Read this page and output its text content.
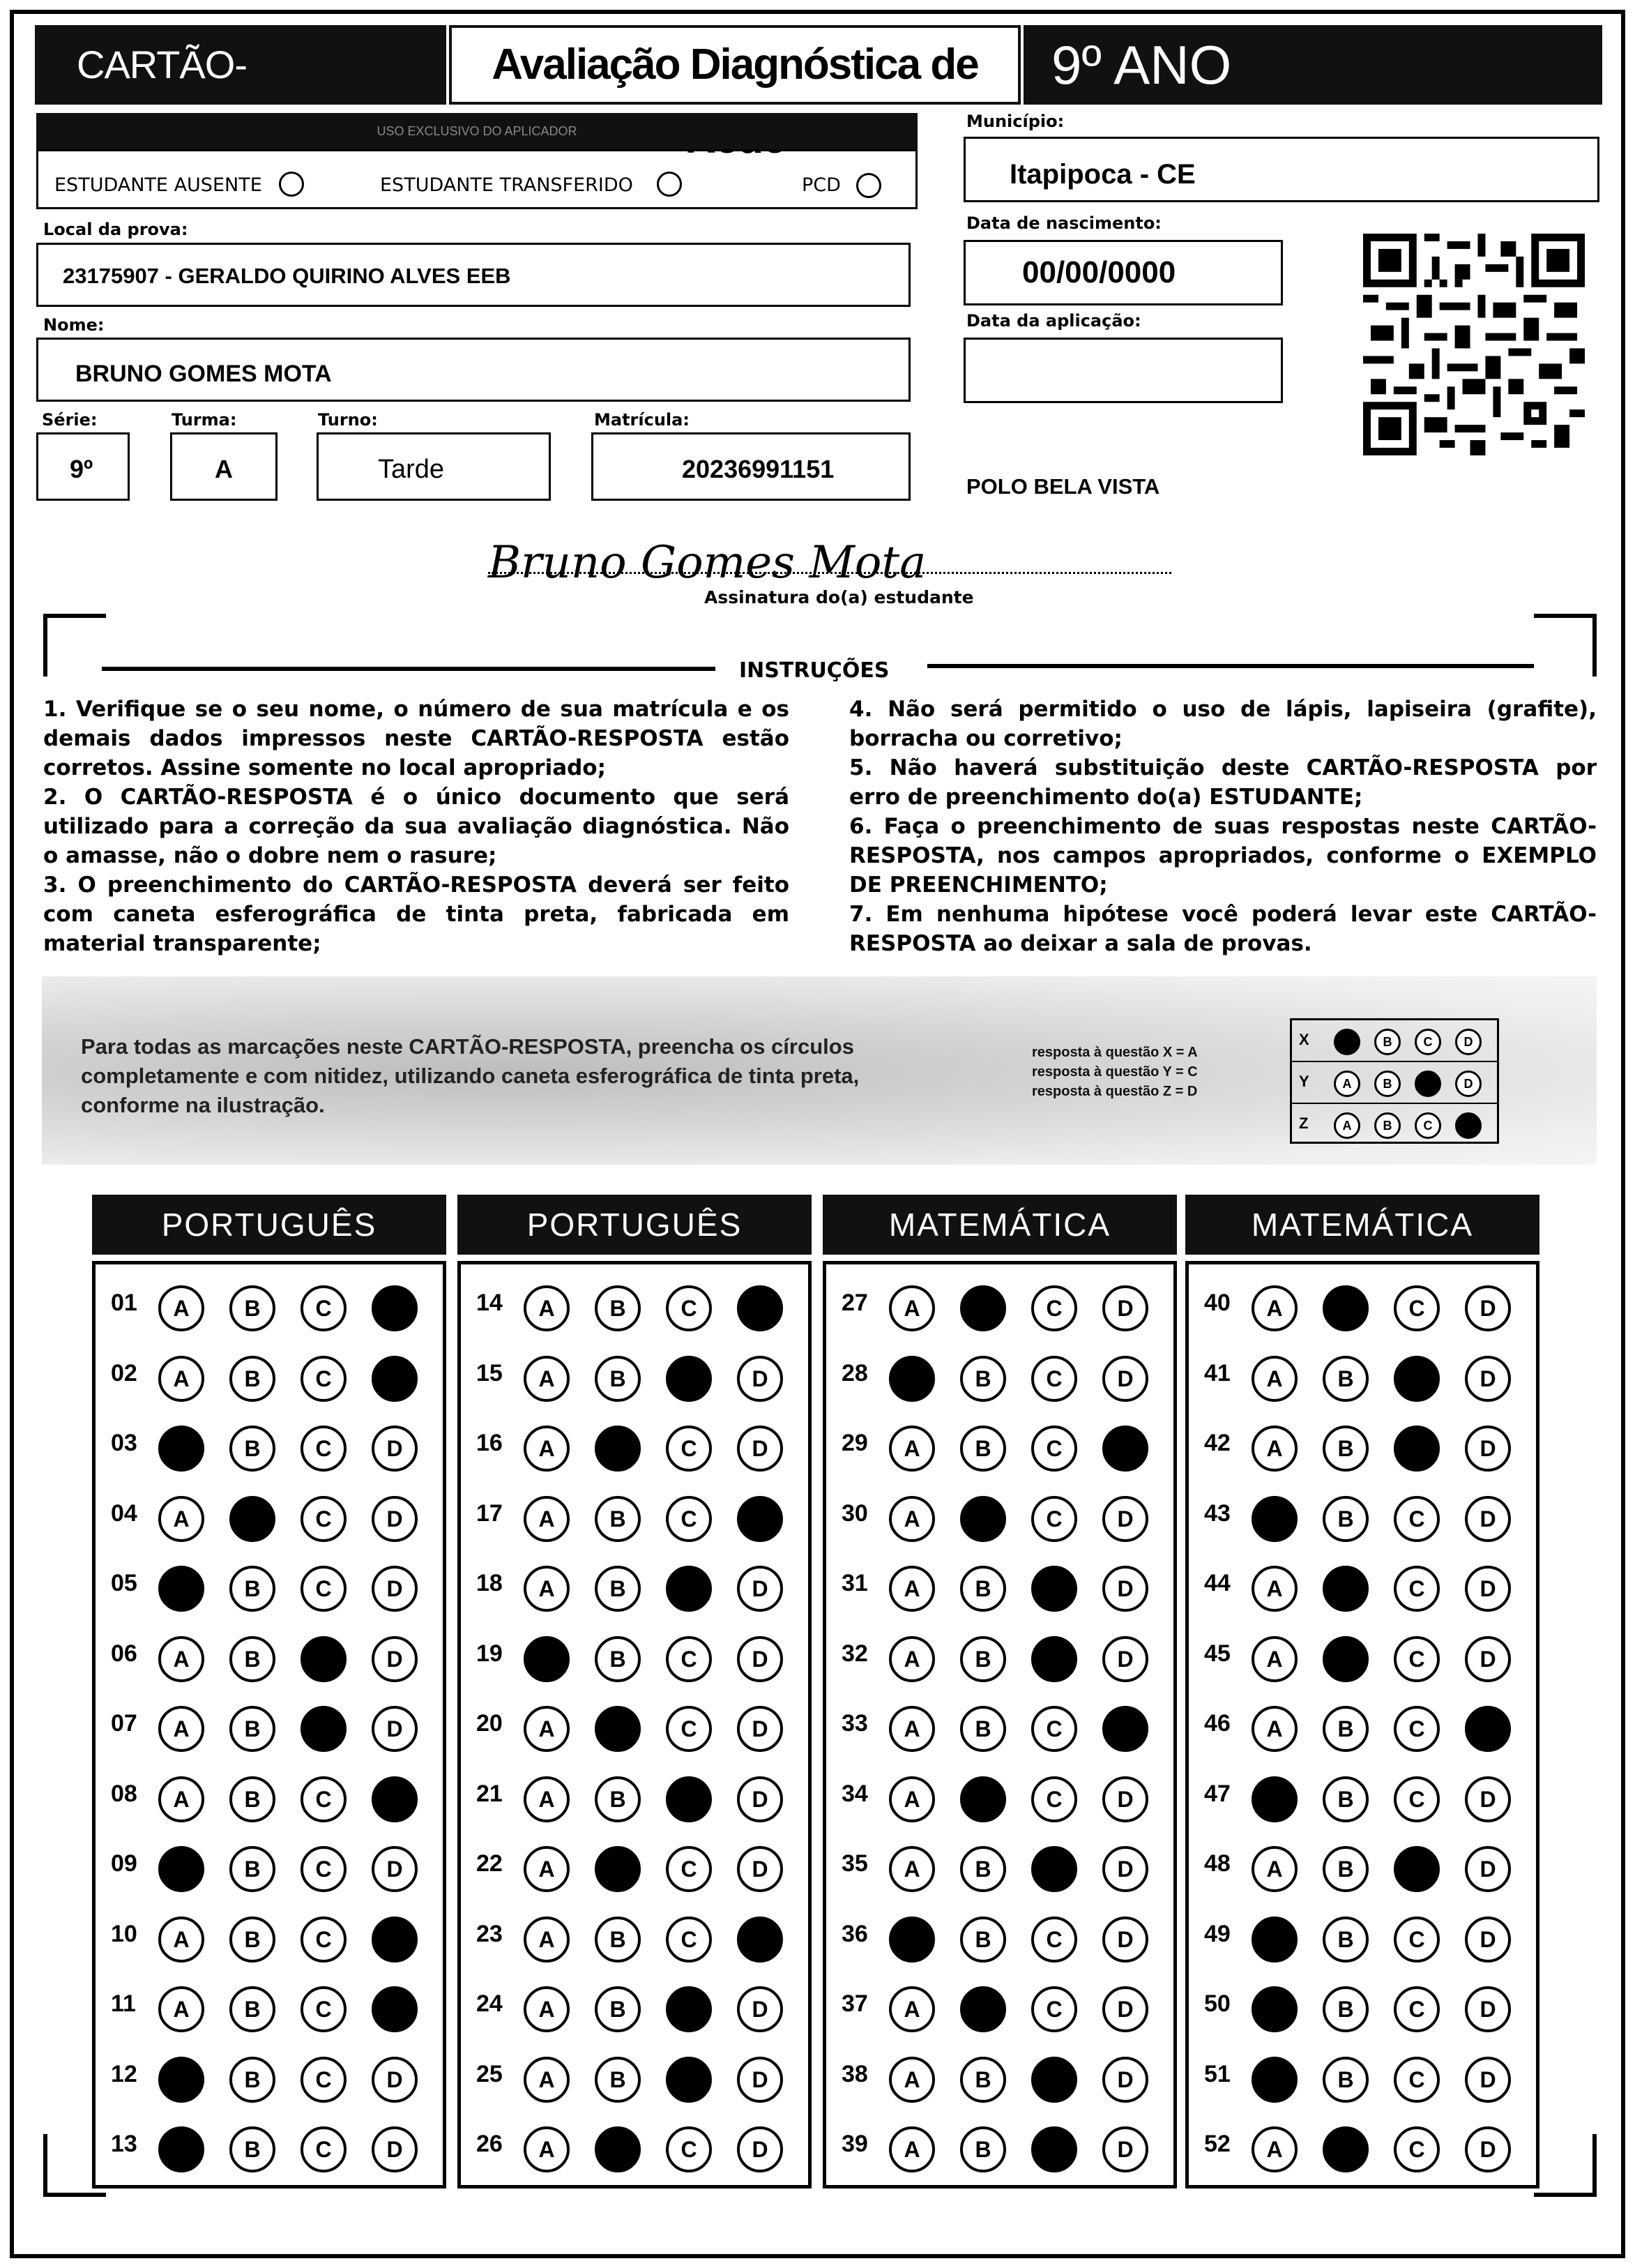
CARTÃO-	Avaliação Diagnóstica de	9º ANO
USO EXCLUSIVO DO APLICADOR
ESTUDANTE AUSENTE	ESTUDANTE TRANSFERIDO	PCD
Local da prova:
23175907 - GERALDO QUIRINO ALVES EEB
Nome:
BRUNO GOMES MOTA
Série:
9º
Turma:
A
Turno:
Tarde
Matrícula:
20236991151
Município:
Itapipoca - CE
Data de nascimento:
00/00/0000
Data da aplicação:
POLO BELA VISTA
Bruno Gomes Mota
Assinatura do(a) estudante
INSTRUÇÕES
1. Verifique se o seu nome, o número de sua matrícula e os demais dados impressos neste CARTÃO-RESPOSTA estão corretos. Assine somente no local apropriado;
2. O CARTÃO-RESPOSTA é o único documento que será utilizado para a correção da sua avaliação diagnóstica. Não o amasse, não o dobre nem o rasure;
3. O preenchimento do CARTÃO-RESPOSTA deverá ser feito com caneta esferográfica de tinta preta, fabricada em material transparente;
4. Não será permitido o uso de lápis, lapiseira (grafite), borracha ou corretivo;
5. Não haverá substituição deste CARTÃO-RESPOSTA por erro de preenchimento do(a) ESTUDANTE;
6. Faça o preenchimento de suas respostas neste CARTÃO-RESPOSTA, nos campos apropriados, conforme o EXEMPLO DE PREENCHIMENTO;
7. Em nenhuma hipótese você poderá levar este CARTÃO-RESPOSTA ao deixar a sala de provas.
Para todas as marcações neste CARTÃO-RESPOSTA, preencha os círculos completamente e com nitidez, utilizando caneta esferográfica de tinta preta, conforme na ilustração.
resposta à questão X = A
resposta à questão Y = C
resposta à questão Z = D
X	B	C	D
Y	A	B	D
Z	A	B	C
PORTUGUÊS	PORTUGUÊS	MATEMÁTICA	MATEMÁTICA
01	A	B	C	D
02	A	B	C	D
03	A	B	C	D
04	A	B	C	D
05	A	B	C	D
06	A	B	C	D
07	A	B	C	D
08	A	B	C	D
09	A	B	C	D
10	A	B	C	D
11	A	B	C	D
12	A	B	C	D
13	A	B	C	D
14	A	B	C	D
15	A	B	C	D
16	A	B	C	D
17	A	B	C	D
18	A	B	C	D
19	A	B	C	D
20	A	B	C	D
21	A	B	C	D
22	A	B	C	D
23	A	B	C	D
24	A	B	C	D
25	A	B	C	D
26	A	B	C	D
27	A	B	C	D
28	A	B	C	D
29	A	B	C	D
30	A	B	C	D
31	A	B	C	D
32	A	B	C	D
33	A	B	C	D
34	A	B	C	D
35	A	B	C	D
36	A	B	C	D
37	A	B	C	D
38	A	B	C	D
39	A	B	C	D
40	A	B	C	D
41	A	B	C	D
42	A	B	C	D
43	A	B	C	D
44	A	B	C	D
45	A	B	C	D
46	A	B	C	D
47	A	B	C	D
48	A	B	C	D
49	A	B	C	D
50	A	B	C	D
51	A	B	C	D
52	A	B	C	D
